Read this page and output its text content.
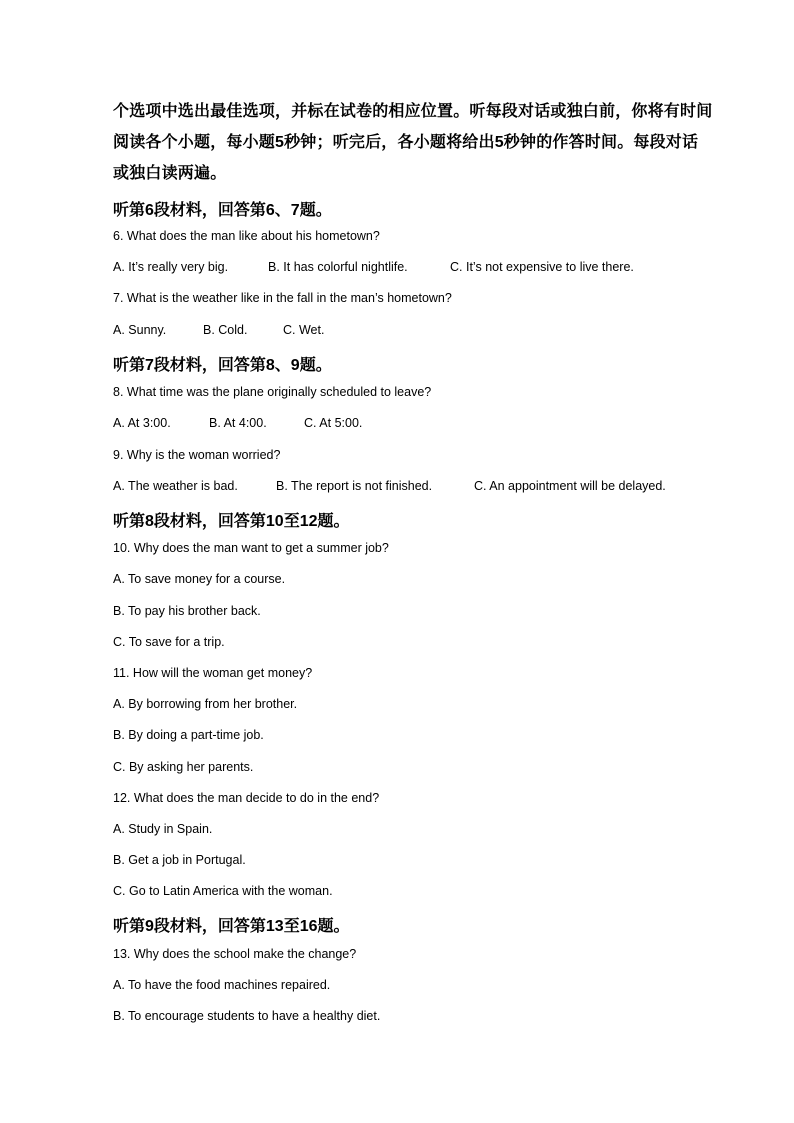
个选项中选出最佳选项，并标在试卷的相应位置。听每段对话或独白前，你将有时间

阅读各个小题，每小题5秒钟；听完后，各小题将给出5秒钟的作答时间。每段对话

或独白读两遍。

听第6段材料，回答第6、7题。
6. What does the man like about his hometown?
A. It’s really very big.	B. It has colorful nightlife.	C. It’s not expensive to live there.
7. What is the weather like in the fall in the man’s hometown?
A. Sunny.	B. Cold.	C. Wet.
听第7段材料，回答第8、9题。
8. What time was the plane originally scheduled to leave?
A. At 3:00.	B. At 4:00.	C. At 5:00.
9. Why is the woman worried?
A. The weather is bad.	B. The report is not finished.	C. An appointment will be delayed.
听第8段材料，回答第10至12题。
10. Why does the man want to get a summer job?
A. To save money for a course.
B. To pay his brother back.
C. To save for a trip.
11. How will the woman get money?
A. By borrowing from her brother.
B. By doing a part-time job.
C. By asking her parents.
12. What does the man decide to do in the end?
A. Study in Spain.
B. Get a job in Portugal.
C. Go to Latin America with the woman.
听第9段材料，回答第13至16题。
13. Why does the school make the change?
A. To have the food machines repaired.
B. To encourage students to have a healthy diet.
